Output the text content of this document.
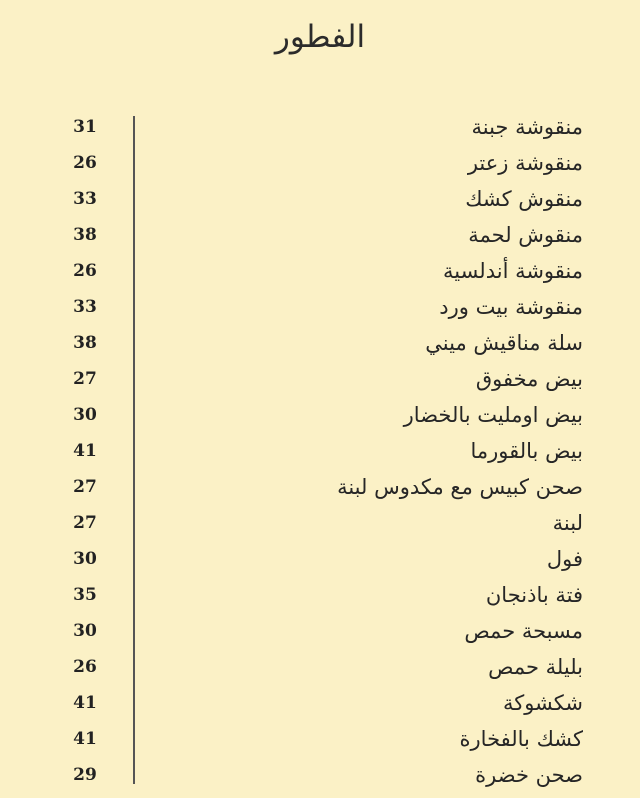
الفطور
منقوشة جبنة
31
منقوشة زعتر
26
منقوش كشك
33
منقوش لحمة
38
منقوشة أندلسية
26
منقوشة بيت ورد
33
سلة مناقيش ميني
38
بيض مخفوق
27
بيض اومليت بالخضار
30
بيض بالقورما
41
صحن كبيس مع مكدوس لبنة
27
لبنة
27
فول
30
فتة باذنجان
35
مسبحة حمص
30
بليلة حمص
26
شكشوكة
41
كشك بالفخارة
41
صحن خضرة
29
